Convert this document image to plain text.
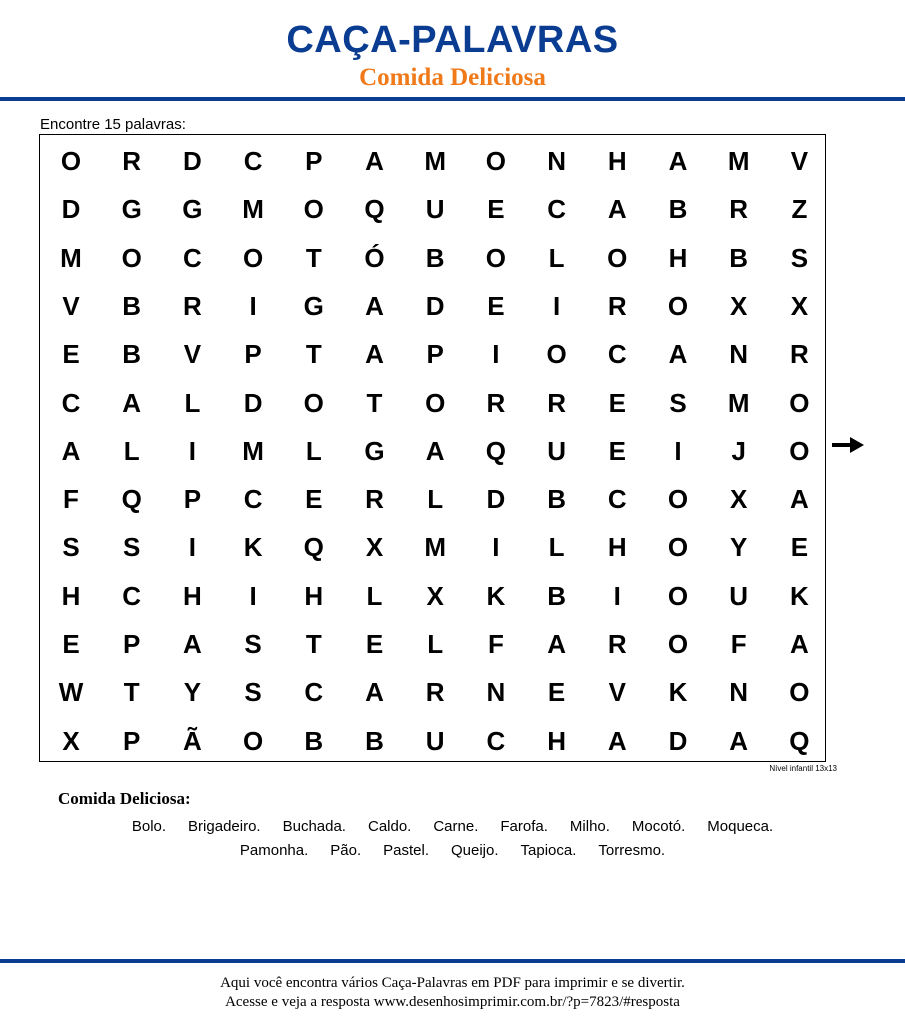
CAÇA-PALAVRAS
Comida Deliciosa
Encontre 15 palavras:
O	R	D	C	P	A	M	O	N	H	A	M	V
D	G	G	M	O	Q	U	E	C	A	B	R	Z
M	O	C	O	T	Ó	B	O	L	O	H	B	S
V	B	R	I	G	A	D	E	I	R	O	X	X
E	B	V	P	T	A	P	I	O	C	A	N	R
C	A	L	D	O	T	O	R	R	E	S	M	O
A	L	I	M	L	G	A	Q	U	E	I	J	O
F	Q	P	C	E	R	L	D	B	C	O	X	A
S	S	I	K	Q	X	M	I	L	H	O	Y	E
H	C	H	I	H	L	X	K	B	I	O	U	K
E	P	A	S	T	E	L	F	A	R	O	F	A
W	T	Y	S	C	A	R	N	E	V	K	N	O
X	P	Ã	O	B	B	U	C	H	A	D	A	Q
Nível infantil 13x13
Comida Deliciosa:
Bolo. Brigadeiro. Buchada. Caldo. Carne. Farofa. Milho. Mocotó. Moqueca.
Pamonha. Pão. Pastel. Queijo. Tapioca. Torresmo.
Aqui você encontra vários Caça-Palavras em PDF para imprimir e se divertir.
Acesse e veja a resposta www.desenhosimprimir.com.br/?p=7823/#resposta
